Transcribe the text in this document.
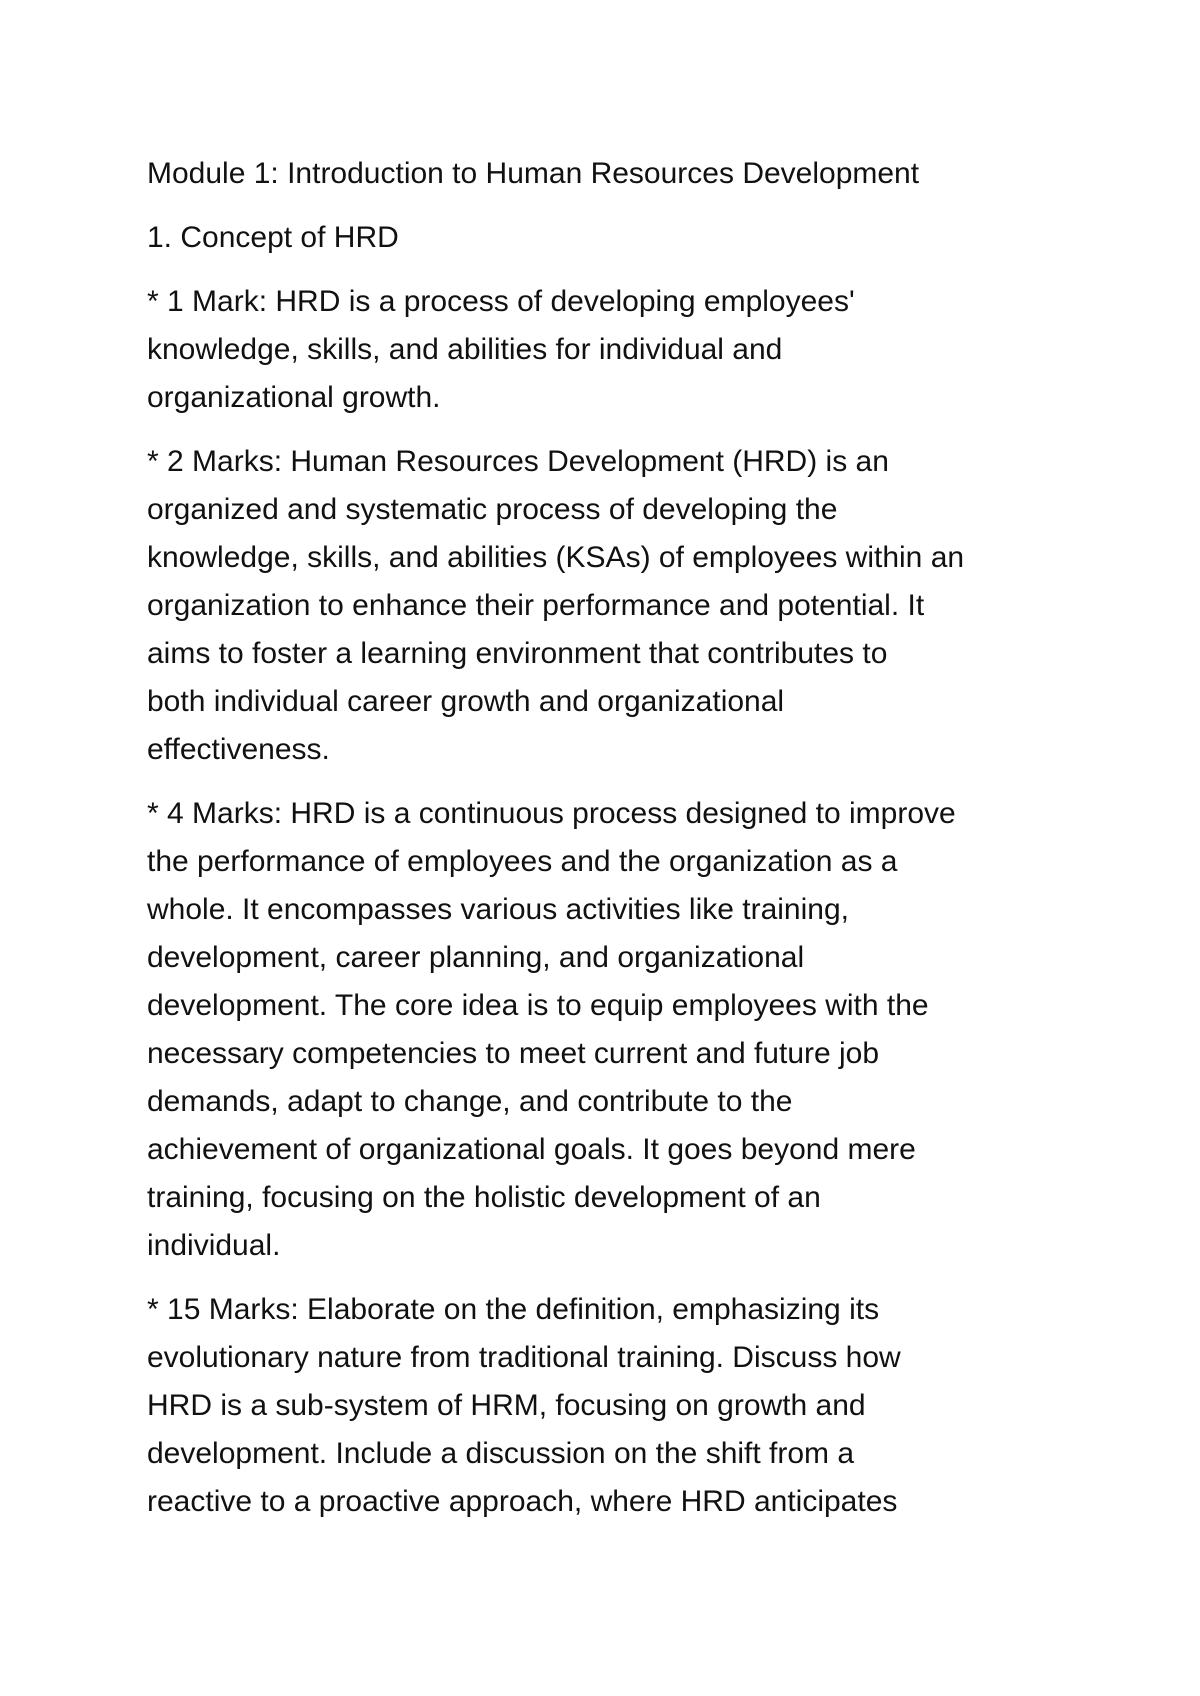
Module 1: Introduction to Human Resources Development

1. Concept of HRD

* 1 Mark: HRD is a process of developing employees'
knowledge, skills, and abilities for individual and
organizational growth.

* 2 Marks: Human Resources Development (HRD) is an
organized and systematic process of developing the
knowledge, skills, and abilities (KSAs) of employees within an
organization to enhance their performance and potential. It
aims to foster a learning environment that contributes to
both individual career growth and organizational
effectiveness.

* 4 Marks: HRD is a continuous process designed to improve
the performance of employees and the organization as a
whole. It encompasses various activities like training,
development, career planning, and organizational
development. The core idea is to equip employees with the
necessary competencies to meet current and future job
demands, adapt to change, and contribute to the
achievement of organizational goals. It goes beyond mere
training, focusing on the holistic development of an
individual.

* 15 Marks: Elaborate on the definition, emphasizing its
evolutionary nature from traditional training. Discuss how
HRD is a sub-system of HRM, focusing on growth and
development. Include a discussion on the shift from a
reactive to a proactive approach, where HRD anticipates
